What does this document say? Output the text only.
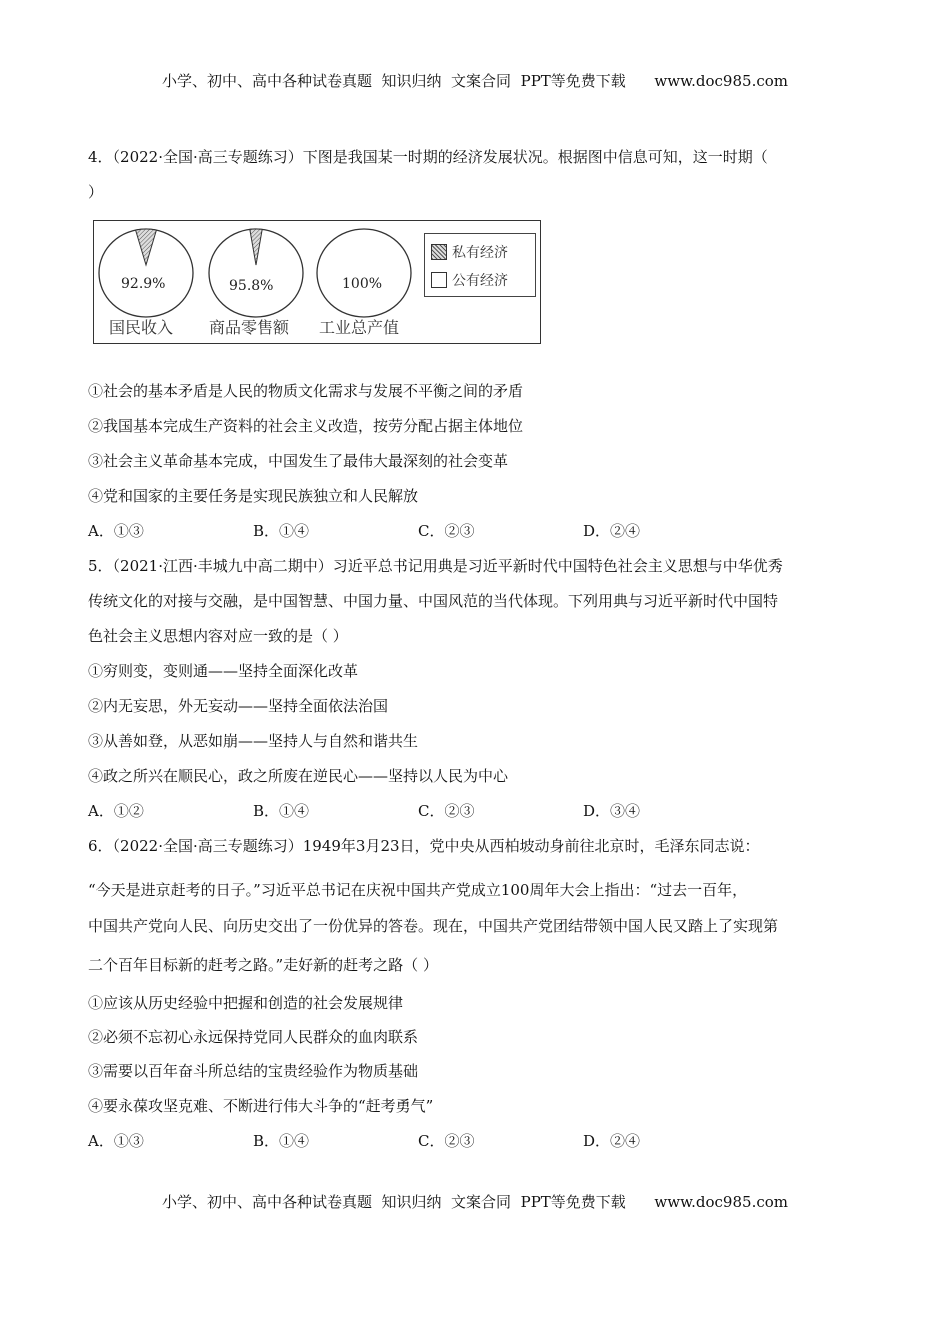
小学、初中、高中各种试卷真题  知识归纳  文案合同  PPT等免费下载      www.doc985.com
4．（2022·全国·高三专题练习）下图是我国某一时期的经济发展状况。根据图中信息可知，这一时期（
）
92.9%	95.8%	100%
国民收入 商品零售额 工业总产值
私有经济
公有经济
①社会的基本矛盾是人民的物质文化需求与发展不平衡之间的矛盾
②我国基本完成生产资料的社会主义改造，按劳分配占据主体地位
③社会主义革命基本完成，中国发生了最伟大最深刻的社会变革
④党和国家的主要任务是实现民族独立和人民解放
A．①③	B．①④	C．②③	D．②④
5．（2021·江西·丰城九中高二期中）习近平总书记用典是习近平新时代中国特色社会主义思想与中华优秀
传统文化的对接与交融，是中国智慧、中国力量、中国风范的当代体现。下列用典与习近平新时代中国特
色社会主义思想内容对应一致的是（ ）
①穷则变，变则通——坚持全面深化改革
②内无妄思，外无妄动——坚持全面依法治国
③从善如登，从恶如崩——坚持人与自然和谐共生
④政之所兴在顺民心，政之所废在逆民心——坚持以人民为中心
A．①②	B．①④	C．②③	D．③④
6．（2022·全国·高三专题练习）1949年3月23日，党中央从西柏坡动身前往北京时，毛泽东同志说：
“今天是进京赶考的日子。”习近平总书记在庆祝中国共产党成立100周年大会上指出：“过去一百年，
中国共产党向人民、向历史交出了一份优异的答卷。现在，中国共产党团结带领中国人民又踏上了实现第
二个百年目标新的赶考之路。”走好新的赶考之路（ ）
①应该从历史经验中把握和创造的社会发展规律
②必须不忘初心永远保持党同人民群众的血肉联系
③需要以百年奋斗所总结的宝贵经验作为物质基础
④要永葆攻坚克难、不断进行伟大斗争的“赶考勇气”
A．①③	B．①④	C．②③	D．②④
小学、初中、高中各种试卷真题  知识归纳  文案合同  PPT等免费下载      www.doc985.com
